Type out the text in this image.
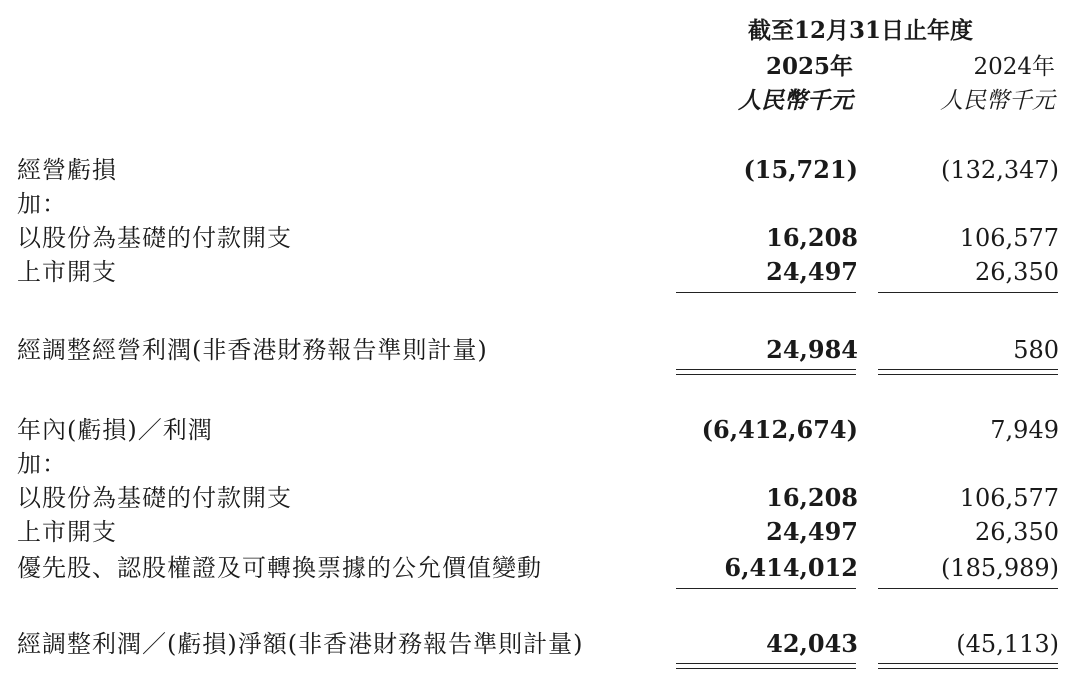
截至12月31日止年度
2025年	2024年
人民幣千元	人民幣千元
經營虧損	(15,721)	(132,347)
加：
以股份為基礎的付款開支	16,208	106,577
上市開支	24,497	26,350
經調整經營利潤(非香港財務報告準則計量)	24,984	580
年內(虧損)／利潤	(6,412,674)	7,949
加：
以股份為基礎的付款開支	16,208	106,577
上市開支	24,497	26,350
優先股、認股權證及可轉換票據的公允價值變動	6,414,012	(185,989)
經調整利潤／(虧損)淨額(非香港財務報告準則計量)	42,043	(45,113)
